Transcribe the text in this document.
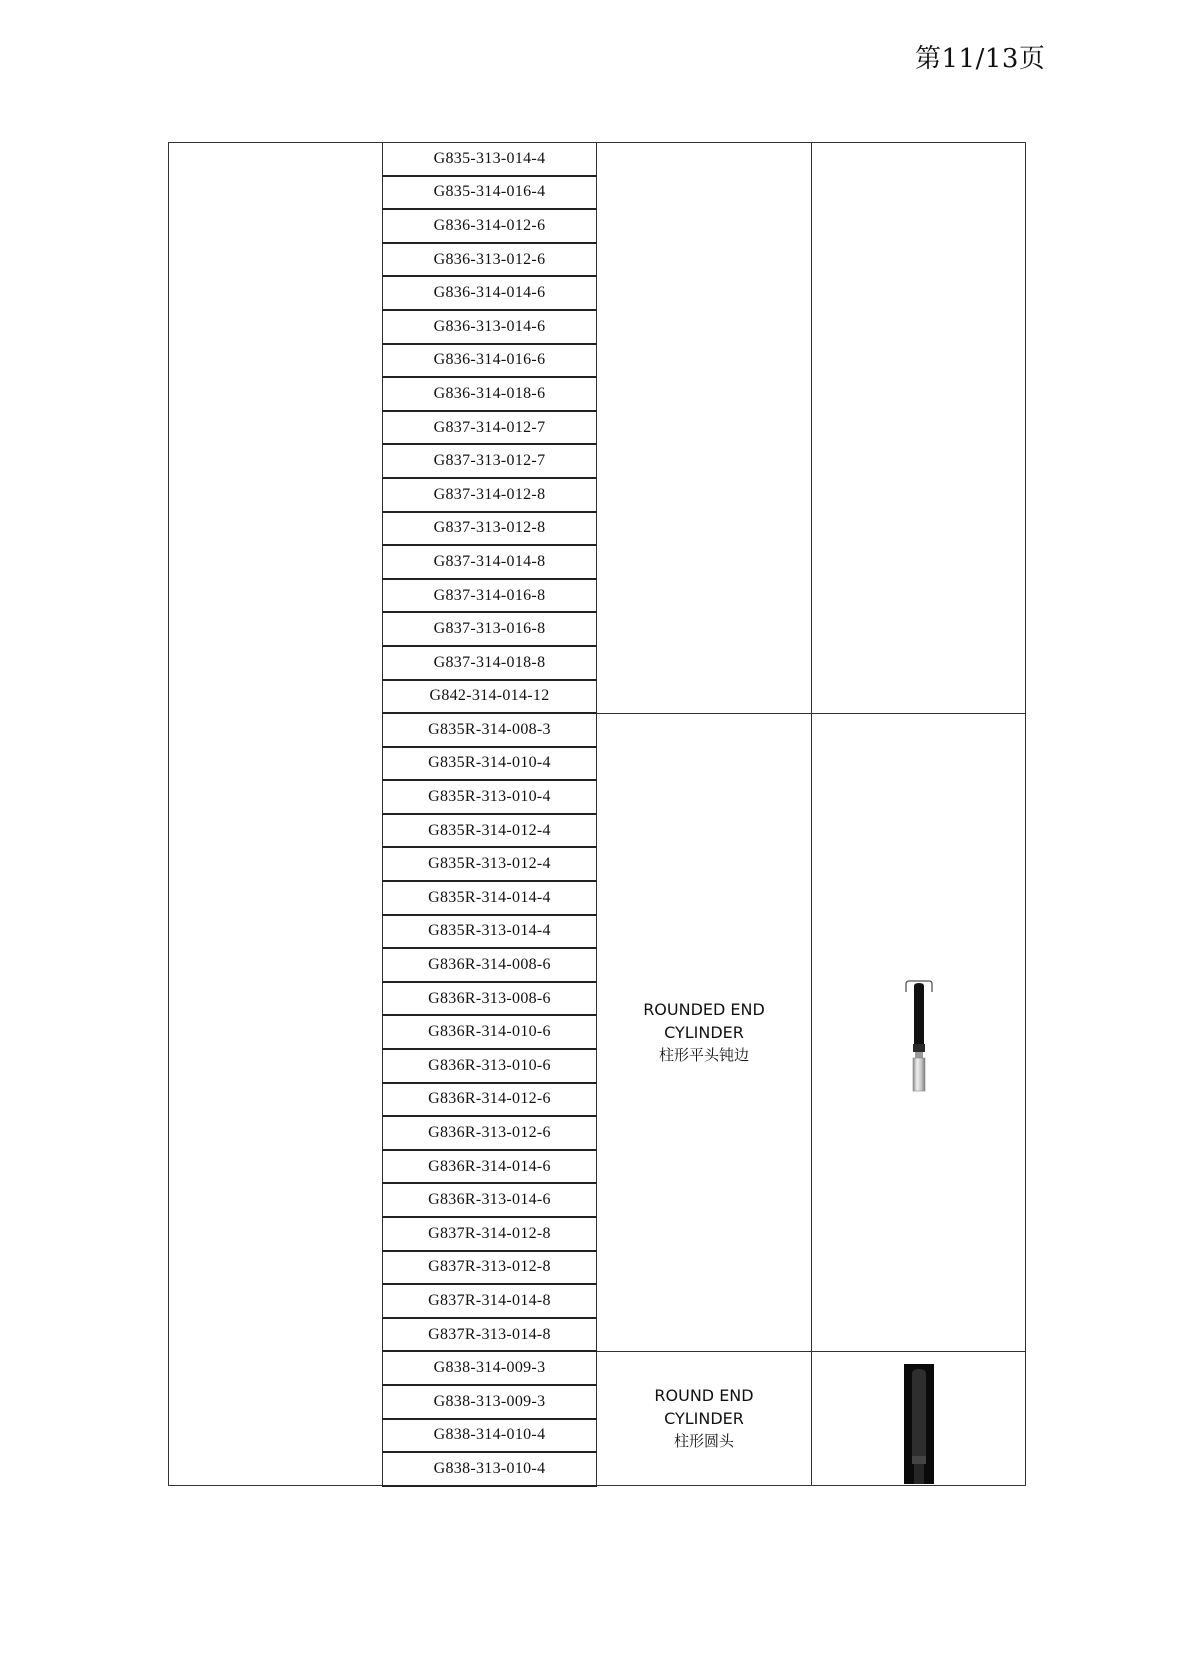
第11/13页
	G835-313-014-4	

	G835-314-016-4		
	G836-314-012-6		
	G836-313-012-6		
	G836-314-014-6		
	G836-313-014-6		
	G836-314-016-6		
	G836-314-018-6		
	G837-314-012-7		
	G837-313-012-7		
	G837-314-012-8		
	G837-313-012-8		
	G837-314-014-8		
	G837-314-016-8		
	G837-313-016-8		
	G837-314-018-8		
	G842-314-014-12		
	G835R-314-008-3	ROUNDED END
CYLINDER
柱形平头钝边

	G835R-314-010-4		
	G835R-313-010-4		
	G835R-314-012-4		
	G835R-313-012-4		
	G835R-314-014-4		
	G835R-313-014-4		
	G836R-314-008-6		
	G836R-313-008-6		
	G836R-314-010-6		
	G836R-313-010-6		
	G836R-314-012-6		
	G836R-313-012-6		
	G836R-314-014-6		
	G836R-313-014-6		
	G837R-314-012-8		
	G837R-313-012-8		
	G837R-314-014-8		
	G837R-313-014-8		
	G838-314-009-3	ROUND END
CYLINDER
柱形圆头

	G838-313-009-3		
	G838-314-010-4		
	G838-313-010-4		
